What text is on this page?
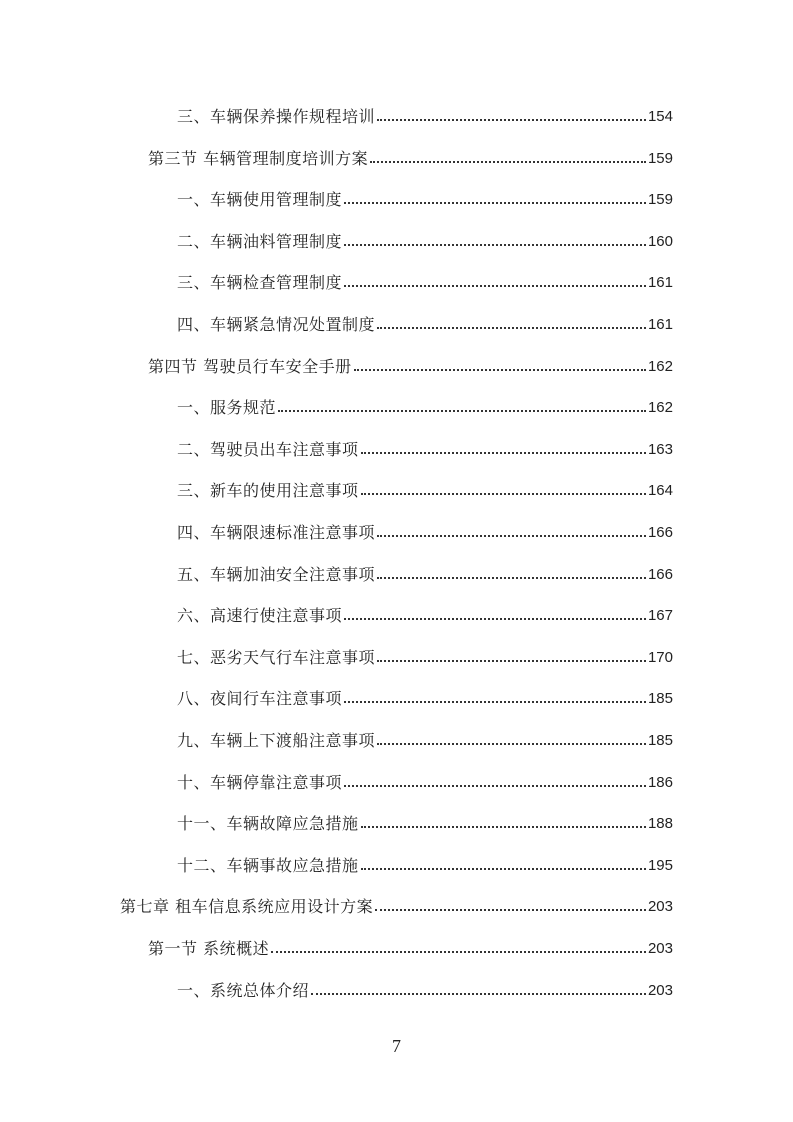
三、车辆保养操作规程培训	154
第三节 车辆管理制度培训方案	159
一、车辆使用管理制度	159
二、车辆油料管理制度	160
三、车辆检查管理制度	161
四、车辆紧急情况处置制度	161
第四节 驾驶员行车安全手册	162
一、服务规范	162
二、驾驶员出车注意事项	163
三、新车的使用注意事项	164
四、车辆限速标准注意事项	166
五、车辆加油安全注意事项	166
六、高速行使注意事项	167
七、恶劣天气行车注意事项	170
八、夜间行车注意事项	185
九、车辆上下渡船注意事项	185
十、车辆停靠注意事项	186
十一、车辆故障应急措施	188
十二、车辆事故应急措施	195
第七章 租车信息系统应用设计方案	203
第一节 系统概述	203
一、系统总体介绍	203
7
